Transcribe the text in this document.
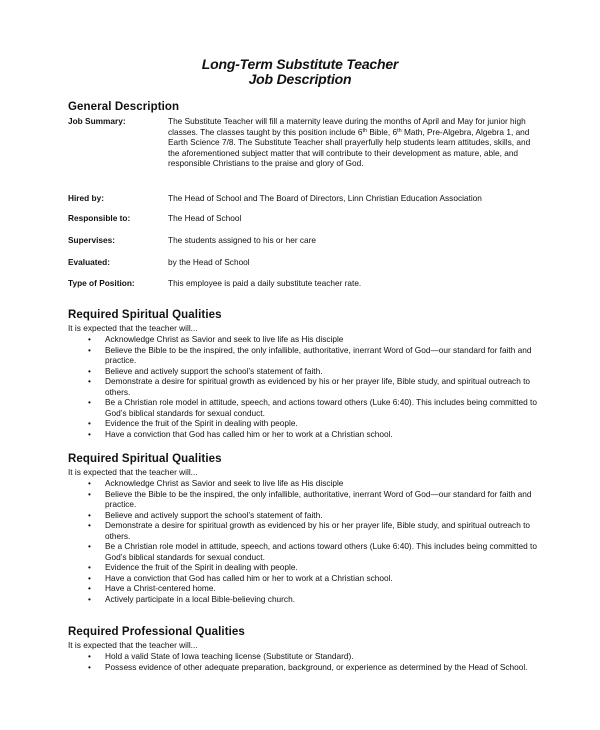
Long-Term Substitute Teacher
Job Description
General Description
Job Summary:	The Substitute Teacher will fill a maternity leave during the months of April and May for junior high classes. The classes taught by this position include 6th Bible, 6th Math, Pre-Algebra, Algebra 1, and Earth Science 7/8. The Substitute Teacher shall prayerfully help students learn attitudes, skills, and the aforementioned subject matter that will contribute to their development as mature, able, and responsible Christians to the praise and glory of God.
Hired by:	The Head of School and The Board of Directors, Linn Christian Education Association
Responsible to:	The Head of School
Supervises:	The students assigned to his or her care
Evaluated:	by the Head of School
Type of Position:	This employee is paid a daily substitute teacher rate.
Required Spiritual Qualities
It is expected that the teacher will...
• Acknowledge Christ as Savior and seek to live life as His disciple
• Believe the Bible to be the inspired, the only infallible, authoritative, inerrant Word of God—our standard for faith and practice.
• Believe and actively support the school’s statement of faith.
• Demonstrate a desire for spiritual growth as evidenced by his or her prayer life, Bible study, and spiritual outreach to others.
• Be a Christian role model in attitude, speech, and actions toward others (Luke 6:40). This includes being committed to God’s biblical standards for sexual conduct.
• Evidence the fruit of the Spirit in dealing with people.
• Have a conviction that God has called him or her to work at a Christian school.
Required Spiritual Qualities
It is expected that the teacher will...
• Acknowledge Christ as Savior and seek to live life as His disciple
• Believe the Bible to be the inspired, the only infallible, authoritative, inerrant Word of God—our standard for faith and practice.
• Believe and actively support the school’s statement of faith.
• Demonstrate a desire for spiritual growth as evidenced by his or her prayer life, Bible study, and spiritual outreach to others.
• Be a Christian role model in attitude, speech, and actions toward others (Luke 6:40). This includes being committed to God’s biblical standards for sexual conduct.
• Evidence the fruit of the Spirit in dealing with people.
• Have a conviction that God has called him or her to work at a Christian school.
• Have a Christ-centered home.
• Actively participate in a local Bible-believing church.
Required Professional Qualities
It is expected that the teacher will...
• Hold a valid State of Iowa teaching license (Substitute or Standard).
• Possess evidence of other adequate preparation, background, or experience as determined by the Head of School.
